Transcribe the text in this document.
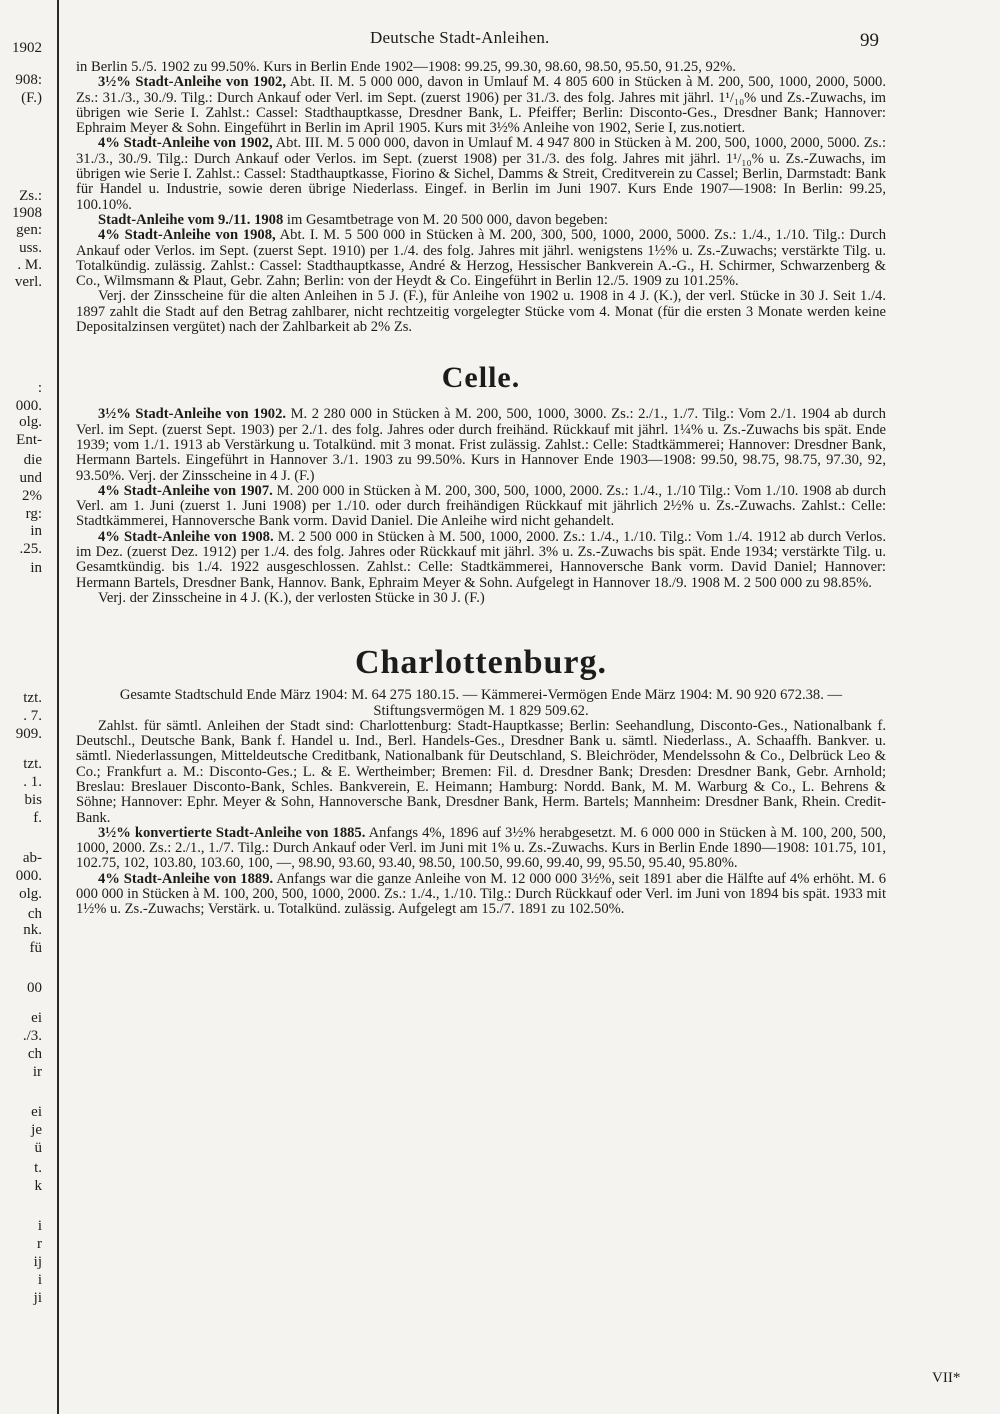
1902
908:
(F.)
Zs.:
1908
gen:
uss.
. M.
verl.
:
000.
olg.
Ent-
die
und
2%
rg:
in
.25.
in
tzt.
. 7.
909.
tzt.
. 1.
bis
f.
ab-
000.
olg.
ch
nk.
fü
00
ei
./3.
ch
ir
ei
je
ü
t.
k
i
r
ij
i
ji
Deutsche Stadt-Anleihen.	99

in Berlin 5./5. 1902 zu 99.50%. Kurs in Berlin Ende 1902—1908: 99.25, 99.30, 98.60, 98.50, 95.50, 91.25, 92%.

3½% Stadt-Anleihe von 1902, Abt. II. M. 5 000 000, davon in Umlauf M. 4 805 600 in Stücken à M. 200, 500, 1000, 2000, 5000. Zs.: 31./3., 30./9. Tilg.: Durch Ankauf oder Verl. im Sept. (zuerst 1906) per 31./3. des folg. Jahres mit jährl. 1¹/₁₀% und Zs.-Zuwachs, im übrigen wie Serie I. Zahlst.: Cassel: Stadthauptkasse, Dresdner Bank, L. Pfeiffer; Berlin: Disconto-Ges., Dresdner Bank; Hannover: Ephraim Meyer & Sohn. Eingeführt in Berlin im April 1905. Kurs mit 3½% Anleihe von 1902, Serie I, zus.notiert.

4% Stadt-Anleihe von 1902, Abt. III. M. 5 000 000, davon in Umlauf M. 4 947 800 in Stücken à M. 200, 500, 1000, 2000, 5000. Zs.: 31./3., 30./9. Tilg.: Durch Ankauf oder Verlos. im Sept. (zuerst 1908) per 31./3. des folg. Jahres mit jährl. 1¹/₁₀% u. Zs.-Zuwachs, im übrigen wie Serie I. Zahlst.: Cassel: Stadthauptkasse, Fiorino & Sichel, Damms & Streit, Creditverein zu Cassel; Berlin, Darmstadt: Bank für Handel u. Industrie, sowie deren übrige Niederlass. Eingef. in Berlin im Juni 1907. Kurs Ende 1907—1908: In Berlin: 99.25, 100.10%.

Stadt-Anleihe vom 9./11. 1908 im Gesamtbetrage von M. 20 500 000, davon begeben:

4% Stadt-Anleihe von 1908, Abt. I. M. 5 500 000 in Stücken à M. 200, 300, 500, 1000, 2000, 5000. Zs.: 1./4., 1./10. Tilg.: Durch Ankauf oder Verlos. im Sept. (zuerst Sept. 1910) per 1./4. des folg. Jahres mit jährl. wenigstens 1½% u. Zs.-Zuwachs; verstärkte Tilg. u. Totalkündig. zulässig. Zahlst.: Cassel: Stadthauptkasse, André & Herzog, Hessischer Bankverein A.-G., H. Schirmer, Schwarzenberg & Co., Wilmsmann & Plaut, Gebr. Zahn; Berlin: von der Heydt & Co. Eingeführt in Berlin 12./5. 1909 zu 101.25%.

Verj. der Zinsscheine für die alten Anleihen in 5 J. (F.), für Anleihe von 1902 u. 1908 in 4 J. (K.), der verl. Stücke in 30 J. Seit 1./4. 1897 zahlt die Stadt auf den Betrag zahlbarer, nicht rechtzeitig vorgelegter Stücke vom 4. Monat (für die ersten 3 Monate werden keine Depositalzinsen vergütet) nach der Zahlbarkeit ab 2% Zs.

Celle.

3½% Stadt-Anleihe von 1902. M. 2 280 000 in Stücken à M. 200, 500, 1000, 3000. Zs.: 2./1., 1./7. Tilg.: Vom 2./1. 1904 ab durch Verl. im Sept. (zuerst Sept. 1903) per 2./1. des folg. Jahres oder durch freihänd. Rückkauf mit jährl. 1¼% u. Zs.-Zuwachs bis spät. Ende 1939; vom 1./1. 1913 ab Verstärkung u. Totalkünd. mit 3 monat. Frist zulässig. Zahlst.: Celle: Stadtkämmerei; Hannover: Dresdner Bank, Hermann Bartels. Eingeführt in Hannover 3./1. 1903 zu 99.50%. Kurs in Hannover Ende 1903—1908: 99.50, 98.75, 98.75, 97.30, 92, 93.50%. Verj. der Zinsscheine in 4 J. (F.)

4% Stadt-Anleihe von 1907. M. 200 000 in Stücken à M. 200, 300, 500, 1000, 2000. Zs.: 1./4., 1./10 Tilg.: Vom 1./10. 1908 ab durch Verl. am 1. Juni (zuerst 1. Juni 1908) per 1./10. oder durch freihändigen Rückkauf mit jährlich 2½% u. Zs.-Zuwachs. Zahlst.: Celle: Stadtkämmerei, Hannoversche Bank vorm. David Daniel. Die Anleihe wird nicht gehandelt.

4% Stadt-Anleihe von 1908. M. 2 500 000 in Stücken à M. 500, 1000, 2000. Zs.: 1./4., 1./10. Tilg.: Vom 1./4. 1912 ab durch Verlos. im Dez. (zuerst Dez. 1912) per 1./4. des folg. Jahres oder Rückkauf mit jährl. 3% u. Zs.-Zuwachs bis spät. Ende 1934; verstärkte Tilg. u. Gesamtkündig. bis 1./4. 1922 ausgeschlossen. Zahlst.: Celle: Stadtkämmerei, Hannoversche Bank vorm. David Daniel; Hannover: Hermann Bartels, Dresdner Bank, Hannov. Bank, Ephraim Meyer & Sohn. Aufgelegt in Hannover 18./9. 1908 M. 2 500 000 zu 98.85%.

Verj. der Zinsscheine in 4 J. (K.), der verlosten Stücke in 30 J. (F.)

Charlottenburg.

Gesamte Stadtschuld Ende März 1904: M. 64 275 180.15. — Kämmerei-Vermögen Ende März 1904: M. 90 920 672.38. — Stiftungsvermögen M. 1 829 509.62.

Zahlst. für sämtl. Anleihen der Stadt sind: Charlottenburg: Stadt-Hauptkasse; Berlin: Seehandlung, Disconto-Ges., Nationalbank f. Deutschl., Deutsche Bank, Bank f. Handel u. Ind., Berl. Handels-Ges., Dresdner Bank u. sämtl. Niederlass., A. Schaaffh. Bankver. u. sämtl. Niederlassungen, Mitteldeutsche Creditbank, Nationalbank für Deutschland, S. Bleichröder, Mendelssohn & Co., Delbrück Leo & Co.; Frankfurt a. M.: Disconto-Ges.; L. & E. Wertheimber; Bremen: Fil. d. Dresdner Bank; Dresden: Dresdner Bank, Gebr. Arnhold; Breslau: Breslauer Disconto-Bank, Schles. Bankverein, E. Heimann; Hamburg: Nordd. Bank, M. M. Warburg & Co., L. Behrens & Söhne; Hannover: Ephr. Meyer & Sohn, Hannoversche Bank, Dresdner Bank, Herm. Bartels; Mannheim: Dresdner Bank, Rhein. Credit-Bank.

3½% konvertierte Stadt-Anleihe von 1885. Anfangs 4%, 1896 auf 3½% herabgesetzt. M. 6 000 000 in Stücken à M. 100, 200, 500, 1000, 2000. Zs.: 2./1., 1./7. Tilg.: Durch Ankauf oder Verl. im Juni mit 1% u. Zs.-Zuwachs. Kurs in Berlin Ende 1890—1908: 101.75, 101, 102.75, 102, 103.80, 103.60, 100, —, 98.90, 93.60, 93.40, 98.50, 100.50, 99.60, 99.40, 99, 95.50, 95.40, 95.80%.

4% Stadt-Anleihe von 1889. Anfangs war die ganze Anleihe von M. 12 000 000 3½%, seit 1891 aber die Hälfte auf 4% erhöht. M. 6 000 000 in Stücken à M. 100, 200, 500, 1000, 2000. Zs.: 1./4., 1./10. Tilg.: Durch Rückkauf oder Verl. im Juni von 1894 bis spät. 1933 mit 1½% u. Zs.-Zuwachs; Verstärk. u. Totalkünd. zulässig. Aufgelegt am 15./7. 1891 zu 102.50%.

VII*
